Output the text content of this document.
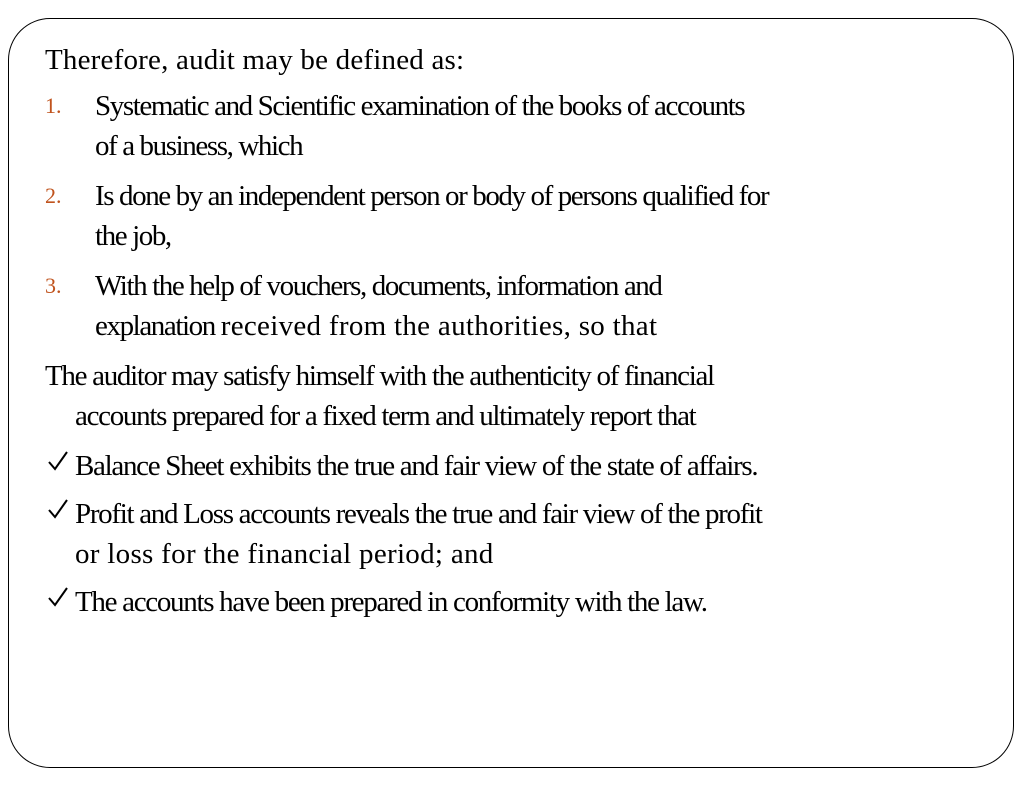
Therefore, audit may be defined as:
1. Systematic and Scientific examination of the books of accounts
of a business, which
2. Is done by an independent person or body of persons qualified for
the job,
3. With the help of vouchers, documents, information and
explanation received from the authorities, so that
The auditor may satisfy himself with the authenticity of financial
accounts prepared for a fixed term and ultimately report that
Balance Sheet exhibits the true and fair view of the state of affairs.
Profit and Loss accounts reveals the true and fair view of the profit
or loss for the financial period; and
The accounts have been prepared in conformity with the law.
